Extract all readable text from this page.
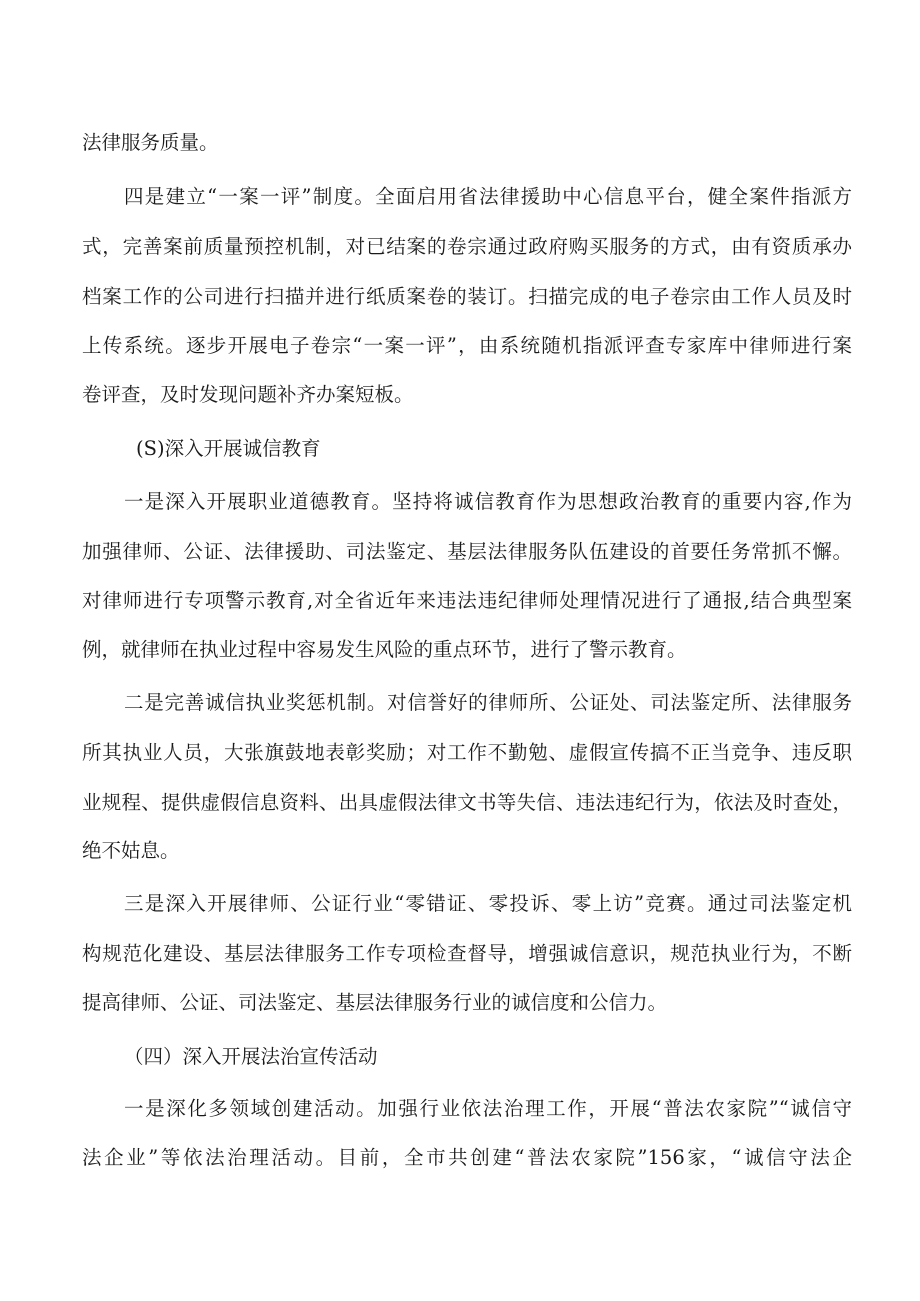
法律服务质量。
四是建立“一案一评”制度。全面启用省法律援助中心信息平台，健全案件指派方
式，完善案前质量预控机制，对已结案的卷宗通过政府购买服务的方式，由有资质承办
档案工作的公司进行扫描并进行纸质案卷的装订。扫描完成的电子卷宗由工作人员及时
上传系统。逐步开展电子卷宗“一案一评”，由系统随机指派评查专家库中律师进行案
卷评查，及时发现问题补齐办案短板。
(S)深入开展诚信教育
一是深入开展职业道德教育。坚持将诚信教育作为思想政治教育的重要内容,作为
加强律师、公证、法律援助、司法鉴定、基层法律服务队伍建设的首要任务常抓不懈。
对律师进行专项警示教育,对全省近年来违法违纪律师处理情况进行了通报,结合典型案
例，就律师在执业过程中容易发生风险的重点环节，进行了警示教育。
二是完善诚信执业奖惩机制。对信誉好的律师所、公证处、司法鉴定所、法律服务
所其执业人员，大张旗鼓地表彰奖励；对工作不勤勉、虚假宣传搞不正当竞争、违反职
业规程、提供虚假信息资料、出具虚假法律文书等失信、违法违纪行为，依法及时查处，
绝不姑息。
三是深入开展律师、公证行业“零错证、零投诉、零上访”竞赛。通过司法鉴定机
构规范化建设、基层法律服务工作专项检查督导，增强诚信意识，规范执业行为，不断
提高律师、公证、司法鉴定、基层法律服务行业的诚信度和公信力。
（四）深入开展法治宣传活动
一是深化多领域创建活动。加强行业依法治理工作，开展“普法农家院”“诚信守
法企业”等依法治理活动。目前，全市共创建“普法农家院”156家，“诚信守法企
